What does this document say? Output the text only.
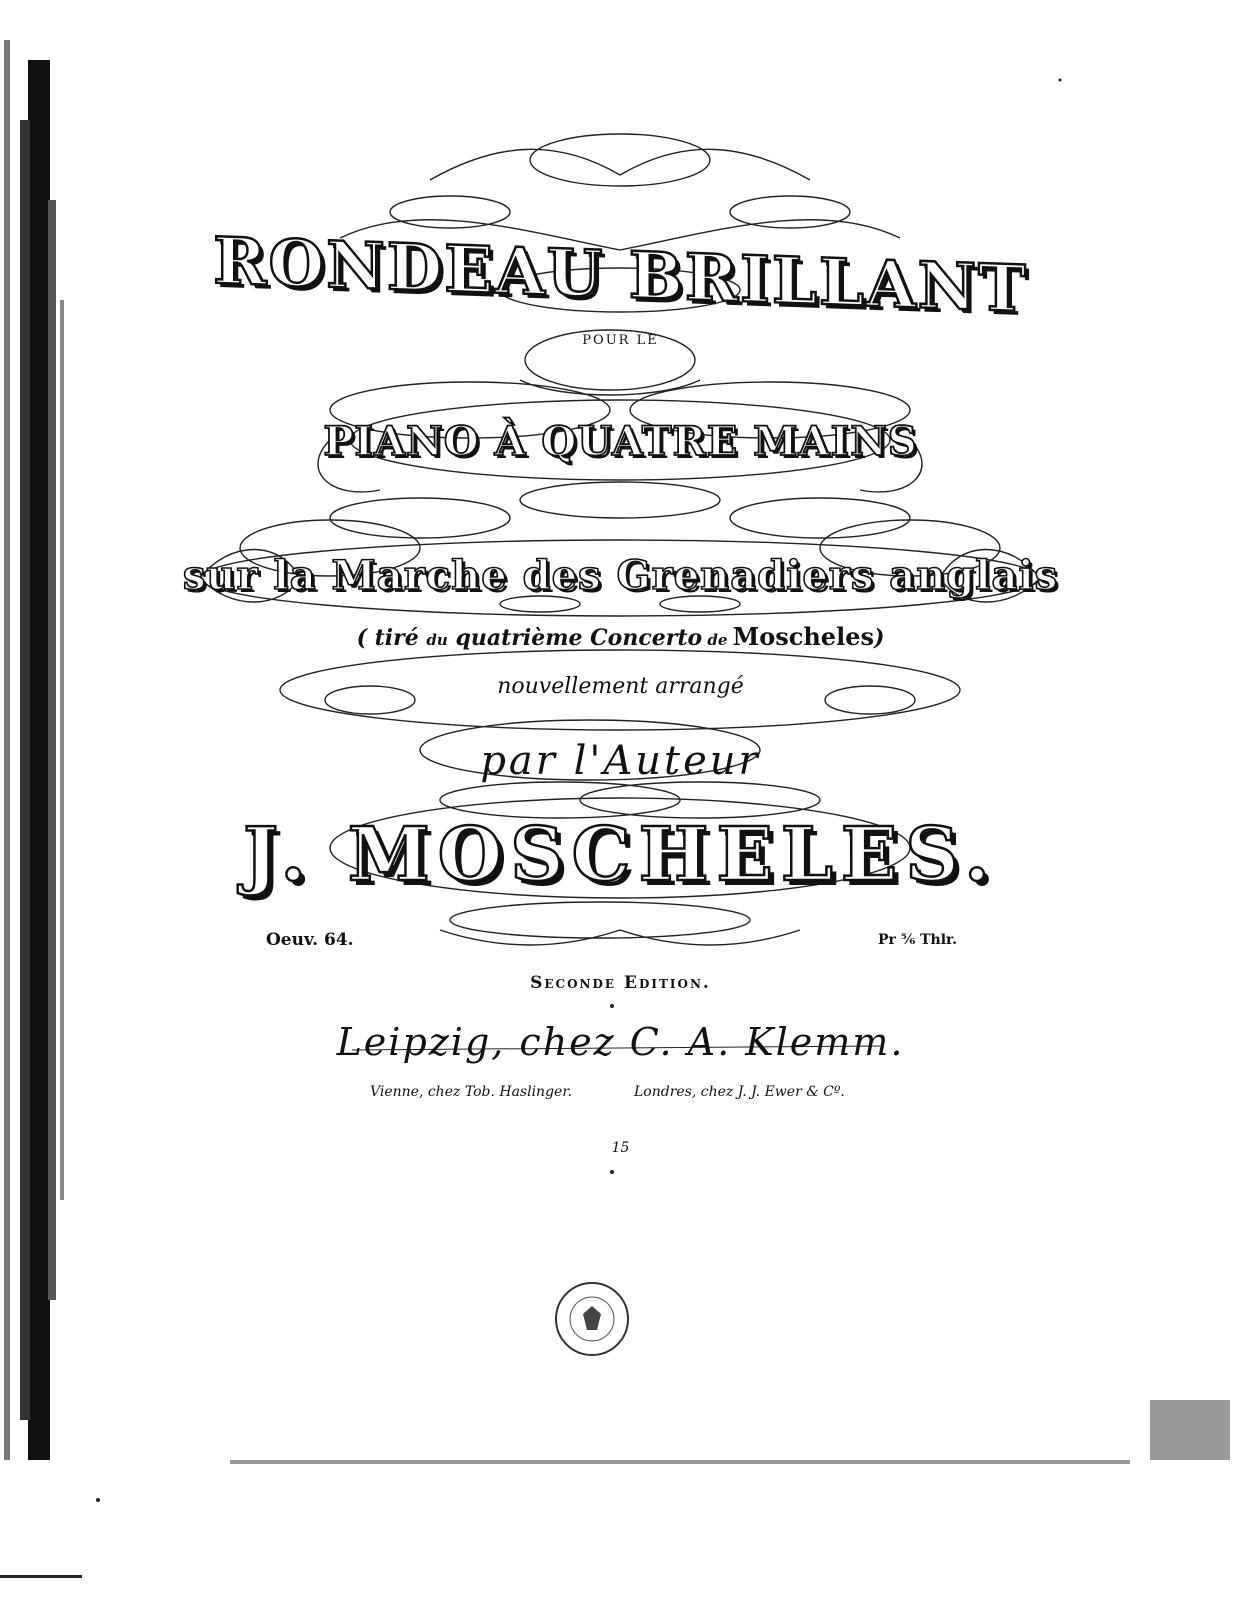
RONDEAU BRILLANT
POUR LE
PIANO À QUATRE MAINS
sur la Marche des Grenadiers anglais
( tiré du quatrième Concerto de Moscheles)
nouvellement arrangé
par l'Auteur
J. MOSCHELES.
Oeuv. 64.	Pr ⅚ Thlr.
Seconde Edition.
Leipzig, chez C. A. Klemm.
Vienne, chez Tob. Haslinger.	Londres, chez J. J. Ewer & Cº.
15
